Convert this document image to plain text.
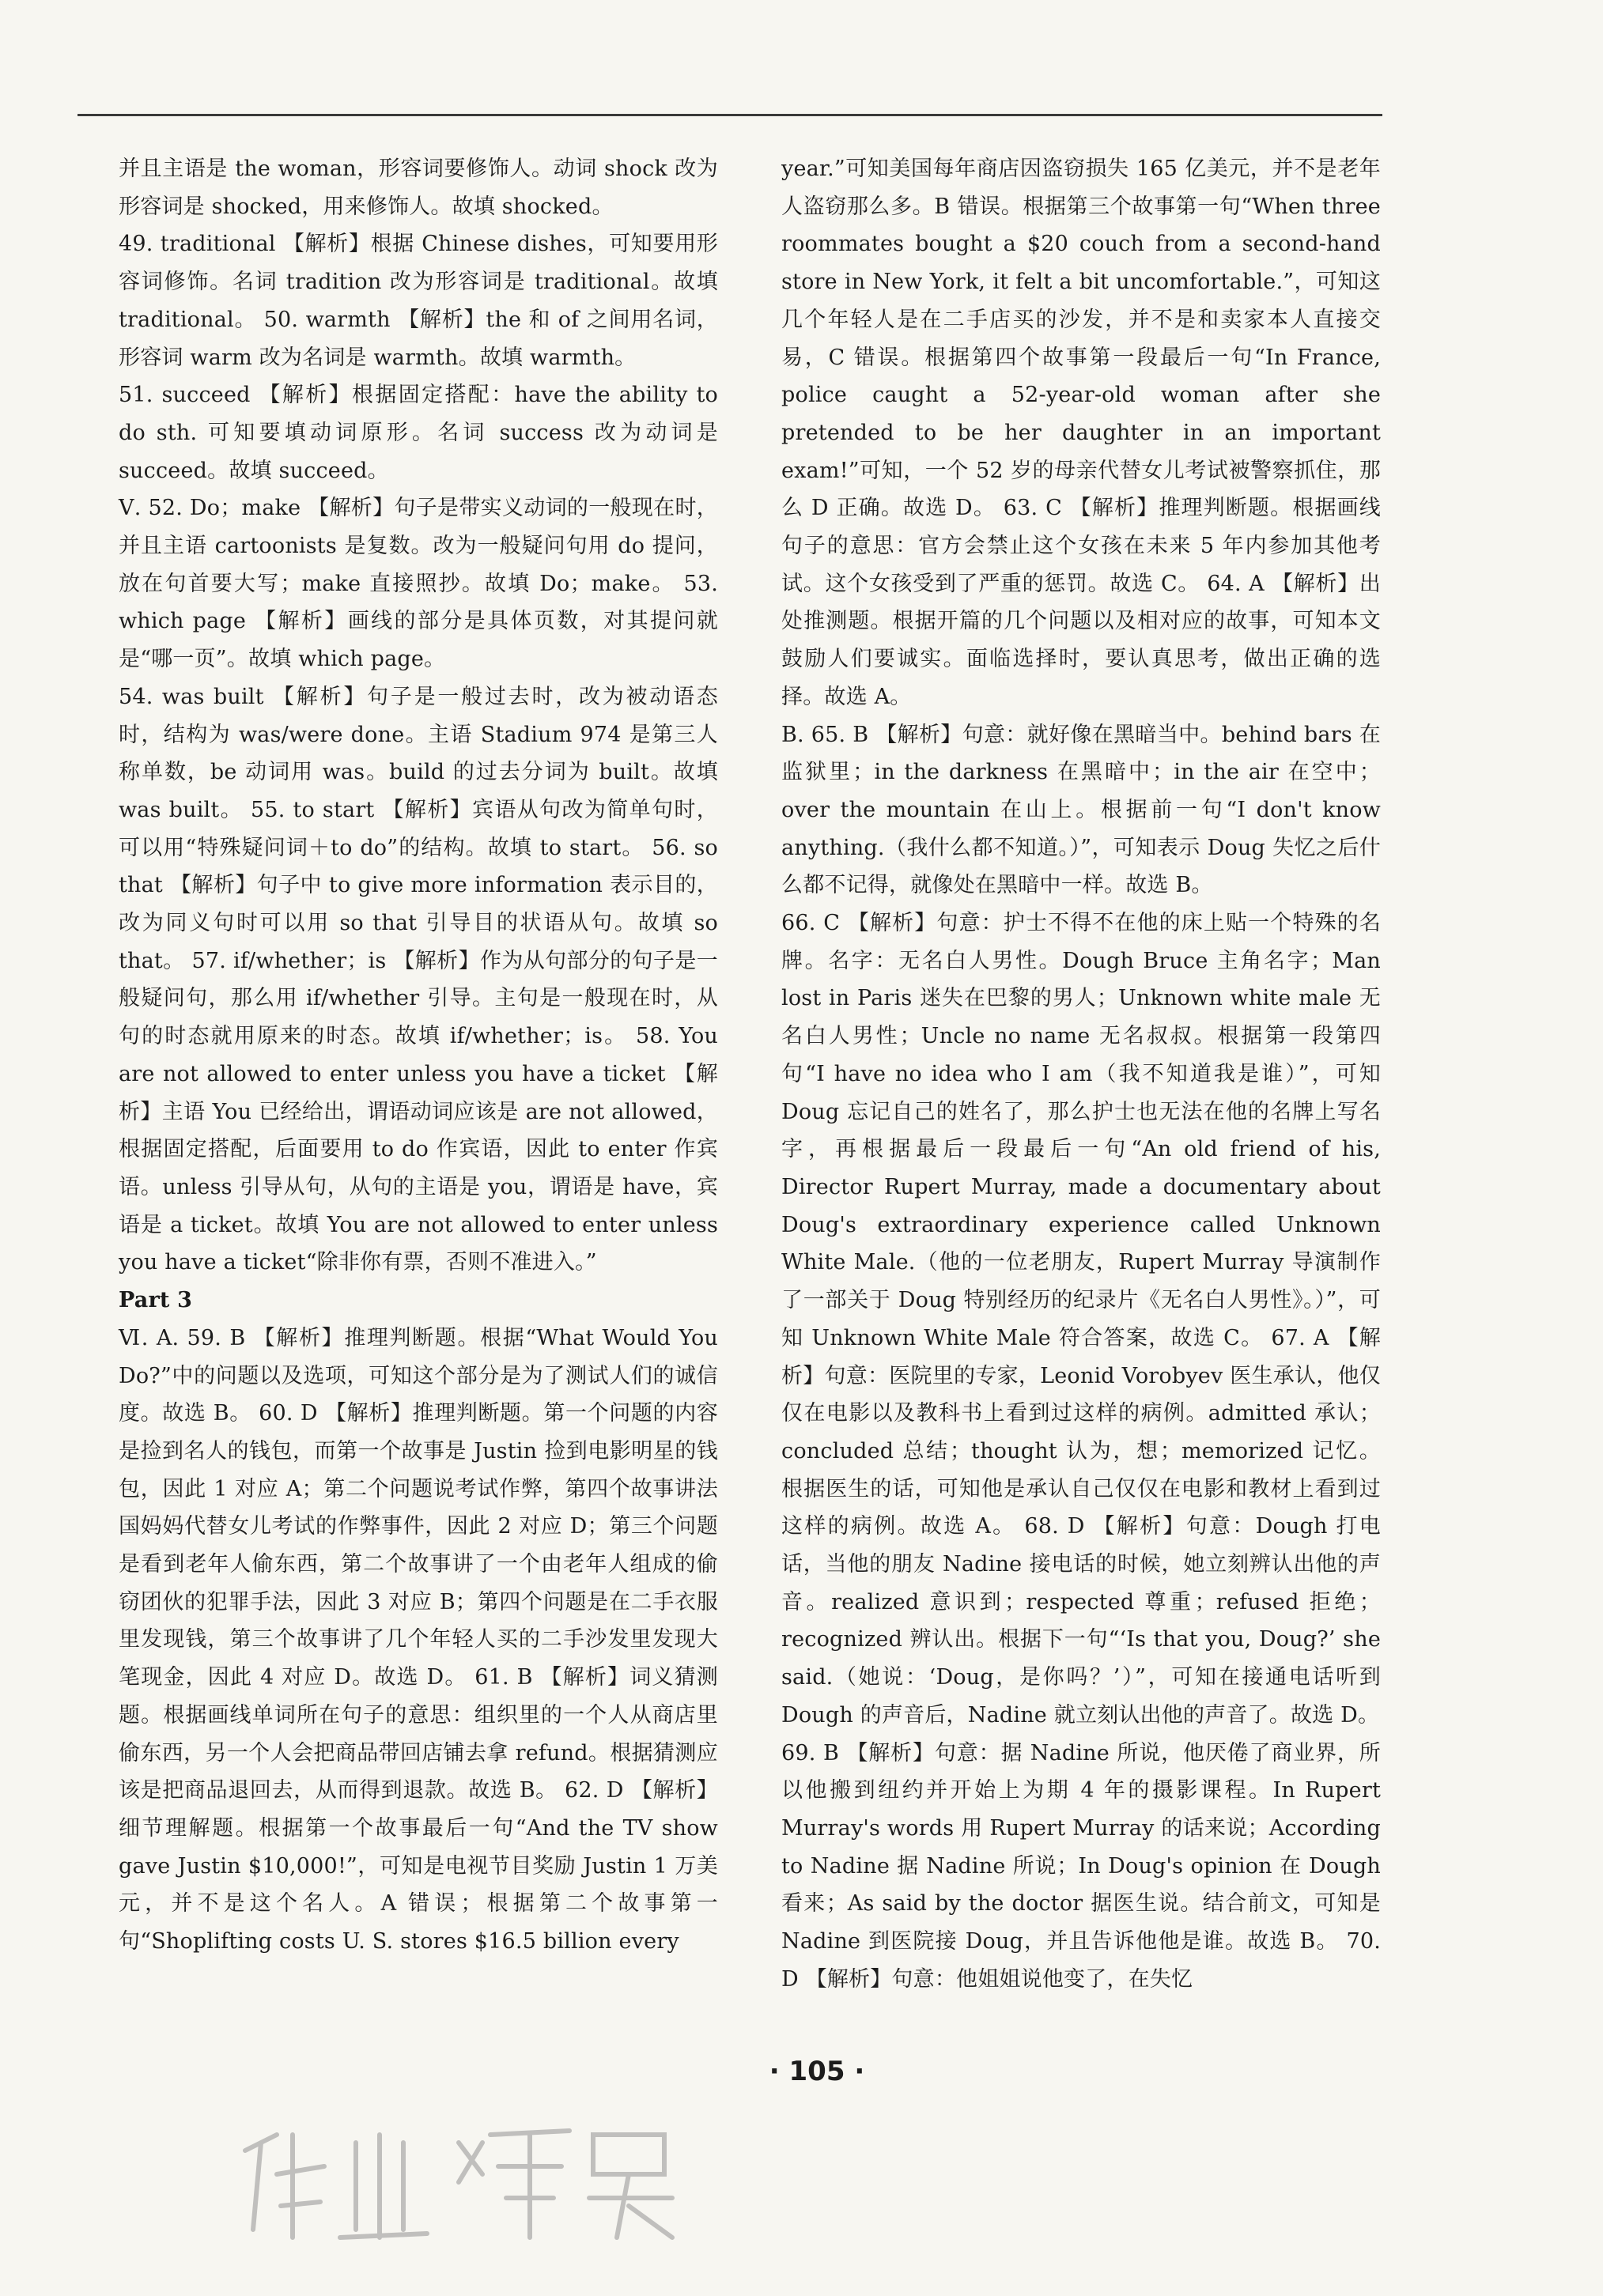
并且主语是 the woman，形容词要修饰人。动词 shock 改为形容词是 shocked，用来修饰人。故填 shocked。

49. traditional 【解析】根据 Chinese dishes，可知要用形容词修饰。名词 tradition 改为形容词是 traditional。故填 traditional。 50. warmth 【解析】the 和 of 之间用名词，形容词 warm 改为名词是 warmth。故填 warmth。

51. succeed 【解析】根据固定搭配：have the ability to do sth. 可知要填动词原形。名词 success 改为动词是 succeed。故填 succeed。

Ⅴ. 52. Do；make 【解析】句子是带实义动词的一般现在时，并且主语 cartoonists 是复数。改为一般疑问句用 do 提问，放在句首要大写；make 直接照抄。故填 Do；make。 53. which page 【解析】画线的部分是具体页数，对其提问就是“哪一页”。故填 which page。

54. was built 【解析】句子是一般过去时，改为被动语态时，结构为 was/were done。主语 Stadium 974 是第三人称单数，be 动词用 was。build 的过去分词为 built。故填 was built。 55. to start 【解析】宾语从句改为简单句时，可以用“特殊疑问词＋to do”的结构。故填 to start。 56. so that 【解析】句子中 to give more information 表示目的，改为同义句时可以用 so that 引导目的状语从句。故填 so that。 57. if/whether；is 【解析】作为从句部分的句子是一般疑问句，那么用 if/whether 引导。主句是一般现在时，从句的时态就用原来的时态。故填 if/whether；is。 58. You are not allowed to enter unless you have a ticket 【解析】主语 You 已经给出，谓语动词应该是 are not allowed，根据固定搭配，后面要用 to do 作宾语，因此 to enter 作宾语。unless 引导从句，从句的主语是 you，谓语是 have，宾语是 a ticket。故填 You are not allowed to enter unless you have a ticket“除非你有票，否则不准进入。”

Part 3

Ⅵ. A. 59. B 【解析】推理判断题。根据“What Would You Do?”中的问题以及选项，可知这个部分是为了测试人们的诚信度。故选 B。 60. D 【解析】推理判断题。第一个问题的内容是捡到名人的钱包，而第一个故事是 Justin 捡到电影明星的钱包，因此 1 对应 A；第二个问题说考试作弊，第四个故事讲法国妈妈代替女儿考试的作弊事件，因此 2 对应 D；第三个问题是看到老年人偷东西，第二个故事讲了一个由老年人组成的偷窃团伙的犯罪手法，因此 3 对应 B；第四个问题是在二手衣服里发现钱，第三个故事讲了几个年轻人买的二手沙发里发现大笔现金，因此 4 对应 D。故选 D。 61. B 【解析】词义猜测题。根据画线单词所在句子的意思：组织里的一个人从商店里偷东西，另一个人会把商品带回店铺去拿 refund。根据猜测应该是把商品退回去，从而得到退款。故选 B。 62. D 【解析】细节理解题。根据第一个故事最后一句“And the TV show gave Justin $10,000!”，可知是电视节目奖励 Justin 1 万美元，并不是这个名人。A 错误；根据第二个故事第一句“Shoplifting costs U. S. stores $16.5 billion every

year.”可知美国每年商店因盗窃损失 165 亿美元，并不是老年人盗窃那么多。B 错误。根据第三个故事第一句“When three roommates bought a $20 couch from a second-hand store in New York, it felt a bit uncomfortable.”，可知这几个年轻人是在二手店买的沙发，并不是和卖家本人直接交易，C 错误。根据第四个故事第一段最后一句“In France, police caught a 52-year-old woman after she pretended to be her daughter in an important exam!”可知，一个 52 岁的母亲代替女儿考试被警察抓住，那么 D 正确。故选 D。 63. C 【解析】推理判断题。根据画线句子的意思：官方会禁止这个女孩在未来 5 年内参加其他考试。这个女孩受到了严重的惩罚。故选 C。 64. A 【解析】出处推测题。根据开篇的几个问题以及相对应的故事，可知本文鼓励人们要诚实。面临选择时，要认真思考，做出正确的选择。故选 A。

B. 65. B 【解析】句意：就好像在黑暗当中。behind bars 在监狱里；in the darkness 在黑暗中；in the air 在空中；over the mountain 在山上。根据前一句“I don't know anything.（我什么都不知道。）”，可知表示 Doug 失忆之后什么都不记得，就像处在黑暗中一样。故选 B。

66. C 【解析】句意：护士不得不在他的床上贴一个特殊的名牌。名字：无名白人男性。Dough Bruce 主角名字；Man lost in Paris 迷失在巴黎的男人；Unknown white male 无名白人男性；Uncle no name 无名叔叔。根据第一段第四句“I have no idea who I am（我不知道我是谁）”，可知 Doug 忘记自己的姓名了，那么护士也无法在他的名牌上写名字，再根据最后一段最后一句“An old friend of his, Director Rupert Murray, made a documentary about Doug's extraordinary experience called Unknown White Male.（他的一位老朋友，Rupert Murray 导演制作了一部关于 Doug 特别经历的纪录片《无名白人男性》。）”，可知 Unknown White Male 符合答案，故选 C。 67. A 【解析】句意：医院里的专家，Leonid Vorobyev 医生承认，他仅仅在电影以及教科书上看到过这样的病例。admitted 承认；concluded 总结；thought 认为，想；memorized 记忆。根据医生的话，可知他是承认自己仅仅在电影和教材上看到过这样的病例。故选 A。 68. D 【解析】句意：Dough 打电话，当他的朋友 Nadine 接电话的时候，她立刻辨认出他的声音。realized 意识到；respected 尊重；refused 拒绝；recognized 辨认出。根据下一句“‘Is that you, Doug?’ she said.（她说：‘Doug，是你吗？’）”，可知在接通电话听到 Dough 的声音后，Nadine 就立刻认出他的声音了。故选 D。

69. B 【解析】句意：据 Nadine 所说，他厌倦了商业界，所以他搬到纽约并开始上为期 4 年的摄影课程。In Rupert Murray's words 用 Rupert Murray 的话来说；According to Nadine 据 Nadine 所说；In Doug's opinion 在 Dough 看来；As said by the doctor 据医生说。结合前文，可知是 Nadine 到医院接 Doug，并且告诉他他是谁。故选 B。 70. D 【解析】句意：他姐姐说他变了，在失忆

· 105 ·
